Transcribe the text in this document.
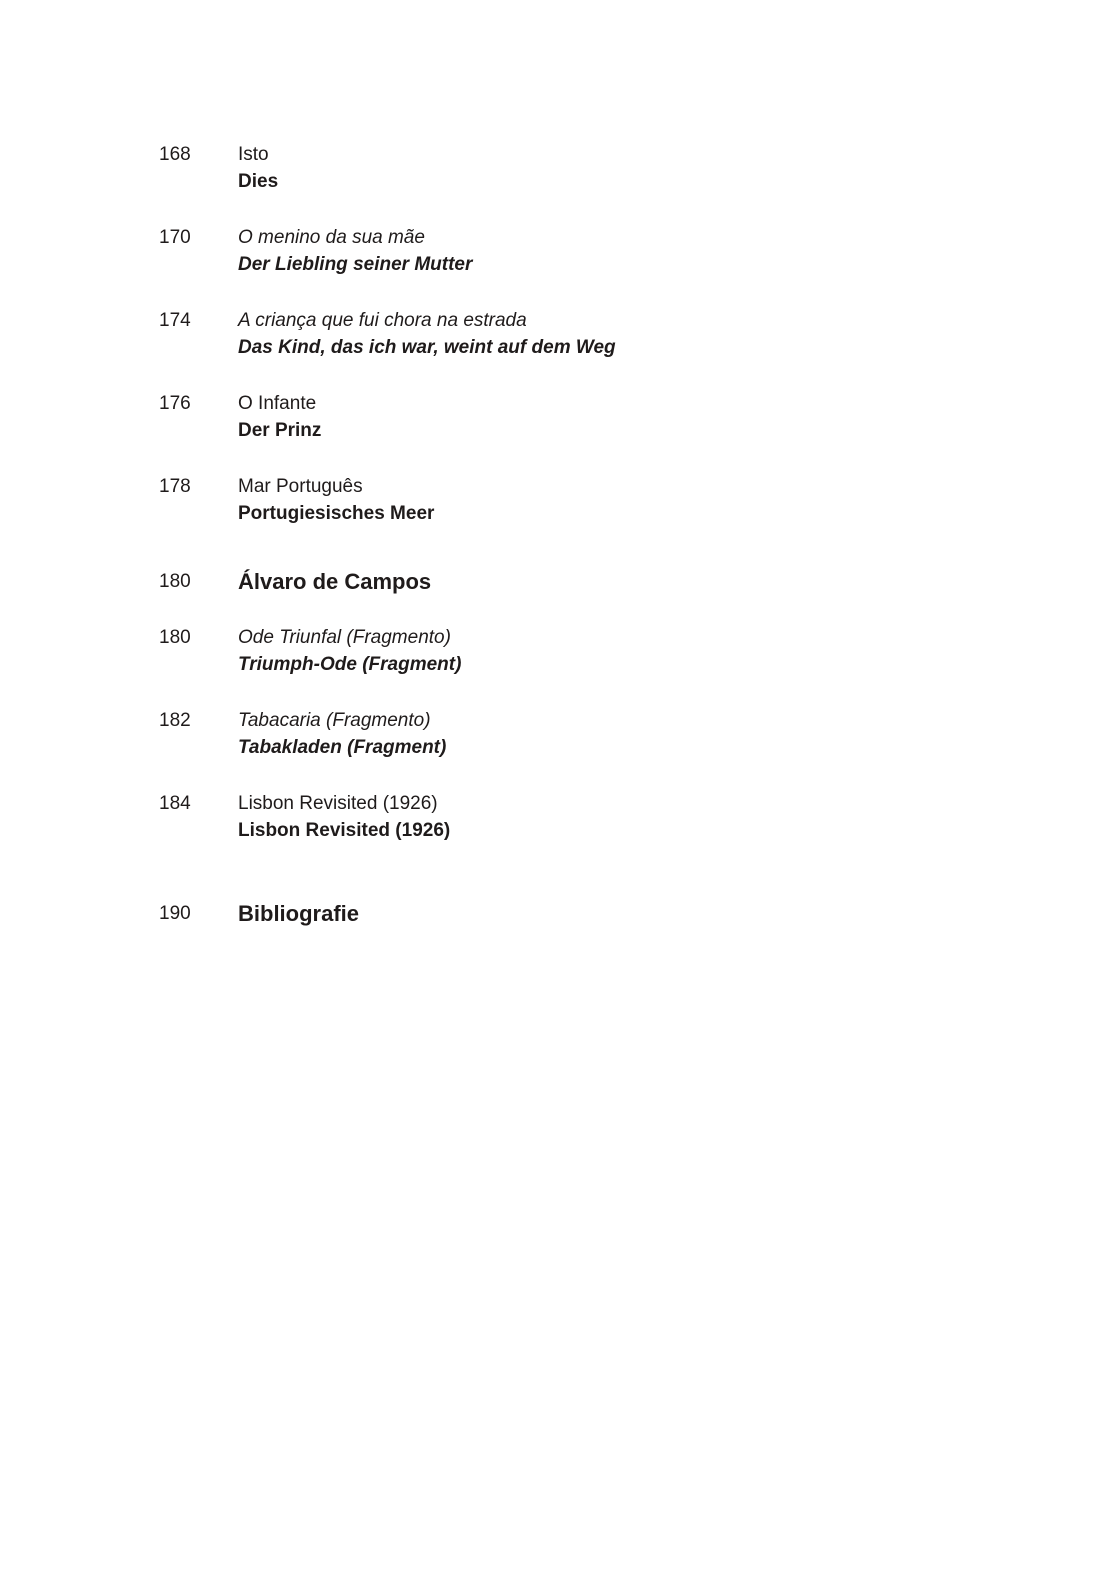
168 Isto
Dies
170 O menino da sua mãe
Der Liebling seiner Mutter
174 A criança que fui chora na estrada
Das Kind, das ich war, weint auf dem Weg
176 O Infante
Der Prinz
178 Mar Português
Portugiesisches Meer
180 Álvaro de Campos
180 Ode Triunfal (Fragmento)
Triumph-Ode (Fragment)
182 Tabacaria (Fragmento)
Tabakladen (Fragment)
184 Lisbon Revisited (1926)
Lisbon Revisited (1926)
190 Bibliografie
